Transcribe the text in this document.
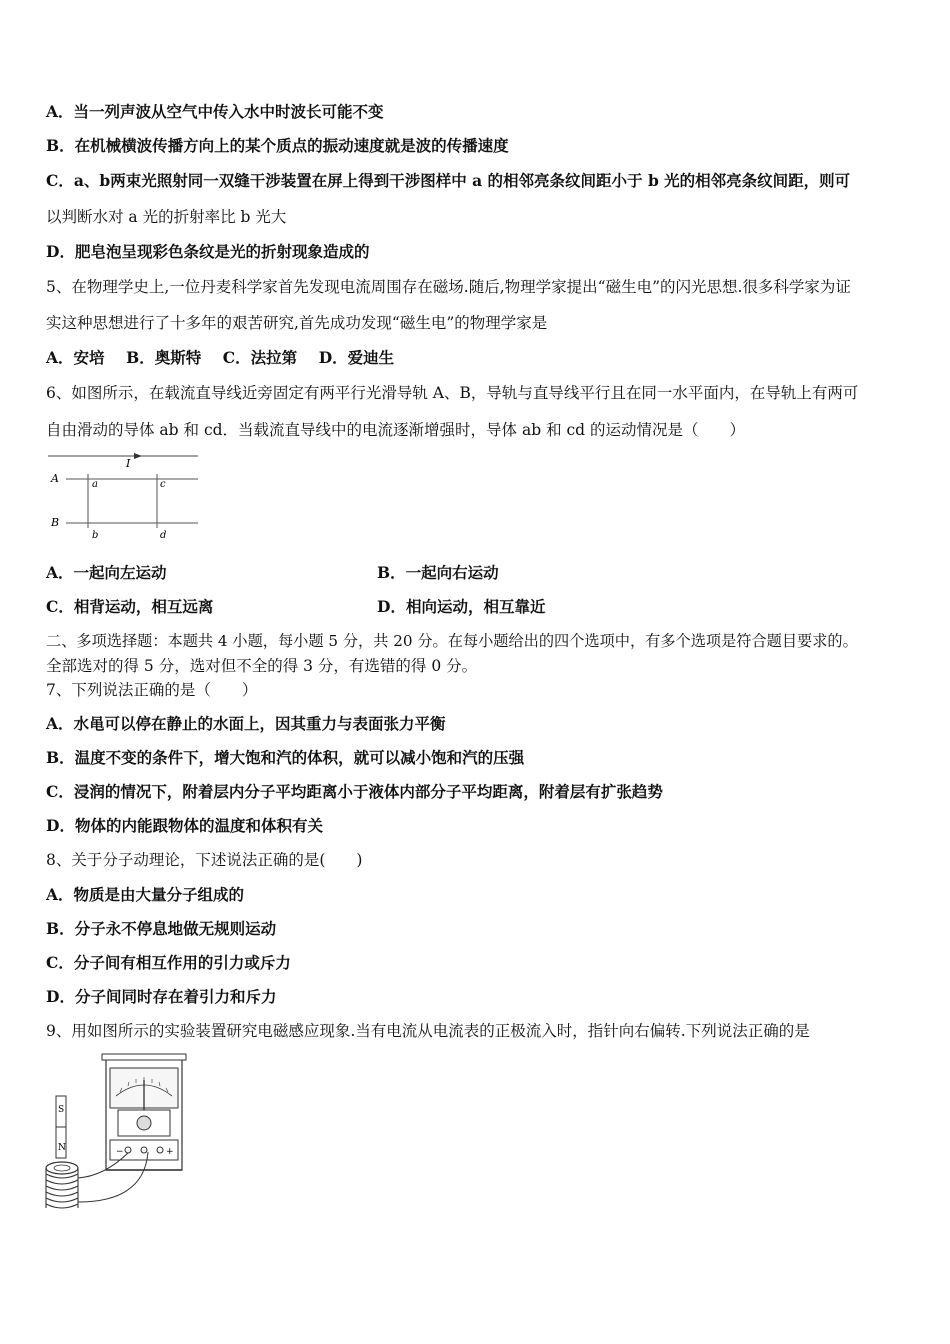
A．当一列声波从空气中传入水中时波长可能不变
B．在机械横波传播方向上的某个质点的振动速度就是波的传播速度
C．a、b两束光照射同一双缝干涉装置在屏上得到干涉图样中 a 的相邻亮条纹间距小于 b 光的相邻亮条纹间距，则可
以判断水对 a 光的折射率比 b 光大
D．肥皂泡呈现彩色条纹是光的折射现象造成的
5、在物理学史上,一位丹麦科学家首先发现电流周围存在磁场.随后,物理学家提出“磁生电”的闪光思想.很多科学家为证
实这种思想进行了十多年的艰苦研究,首先成功发现“磁生电”的物理学家是
A．安培    B．奥斯特    C．法拉第    D．爱迪生
6、如图所示，在载流直导线近旁固定有两平行光滑导轨 A、B，导轨与直导线平行且在同一水平面内，在导轨上有两可
自由滑动的导体 ab 和 cd．当载流直导线中的电流逐渐增强时，导体 ab 和 cd 的运动情况是（　　）
I
A
B
a
b
c
d
A．一起向左运动	B．一起向右运动
C．相背运动，相互远离	D．相向运动，相互靠近
二、多项选择题：本题共 4 小题，每小题 5 分，共 20 分。在每小题给出的四个选项中，有多个选项是符合题目要求的。
全部选对的得 5 分，选对但不全的得 3 分，有选错的得 0 分。
7、下列说法正确的是（　　）
A．水黾可以停在静止的水面上，因其重力与表面张力平衡
B．温度不变的条件下，增大饱和汽的体积，就可以减小饱和汽的压强
C．浸润的情况下，附着层内分子平均距离小于液体内部分子平均距离，附着层有扩张趋势
D．物体的内能跟物体的温度和体积有关
8、关于分子动理论，下述说法正确的是(　　)
A．物质是由大量分子组成的
B．分子永不停息地做无规则运动
C．分子间有相互作用的引力或斥力
D．分子间同时存在着引力和斥力
9、用如图所示的实验装置研究电磁感应现象.当有电流从电流表的正极流入时，指针向右偏转.下列说法正确的是
S
N	−	+
